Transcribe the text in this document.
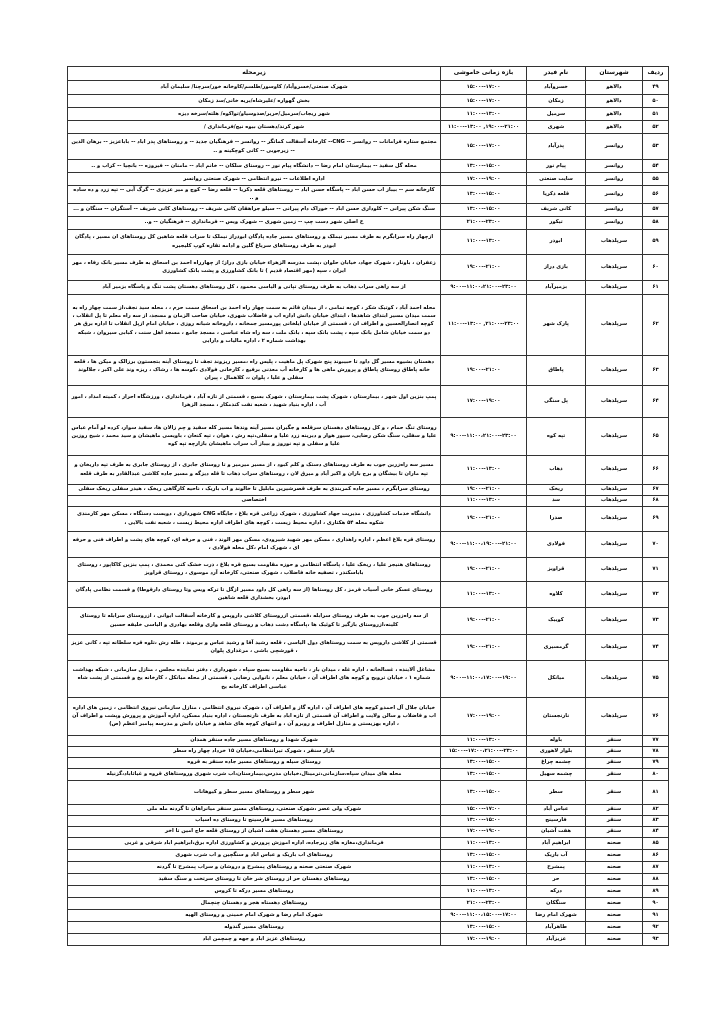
ردیف	شهرستان	نام فیدر	بازه زمانی خاموشی	زیرمحله
۴۹	دالاهو	خسروآباد	۱۵:۰۰--۱۷:۰۰	شهرک صنعتی/خسروآباد/ کاوسور/طلسم/کاوخانه خور/سرچنا/ سلیمان آباد
۵۰	دالاهو	زمکان	۱۵:۰۰--۱۷:۰۰	بخش گهواره /علیرشاه/بریه خانی/سد زمکان
۵۱	دالاهو	سرمیل	۱۱:۰۰--۱۳:۰۰	شهر ریجاب/سرمیل/حریر/صدوسیاو/تواکوه/ هلته/سرخه دیزه
۵۲	دالاهو	شهری	۱۱:۰۰--۱۳:۰۰ ,۱۹:۰۰--۲۱:۰۰	شهر کرند/دهستان بیوه نیج/فرمانداری /
۵۳	روانسر	پدرآباد	۱۵:۰۰--۱۷:۰۰	مجتمع ستاره فرامانات -- روانسر -- CNG-- کارخانه آسفالت کماتگر -- روانسر -- فرهنگیان جدید -- و روستاهای پدر اباد -- باباعزیز -- برهان الدین -- زیرجوبی -- کانی کوچکینه و ..
۵۴	روانسر	پیام نور	۱۳:۰۰--۱۵:۰۰	محله گل سفید -- بیمارستان امام رضا -- دانشگاه پیام نور -- روستای سلکان -- خانم اباد -- مامنان -- فیروزه -- بانچیا -- کراب و ..
۵۵	روانسر	سایت صنعتی	۱۷:۰۰--۱۹:۰۰	اداره اطلاعات -- نیرو انتظامی -- شهرک صنعتی روانسر
۵۶	روانسر	قلعه ذکریا	۱۳:۰۰--۱۵:۰۰	کارخانه سم -- بیباز اب حسن اباد -- پاسگاه حسن اباد -- روستاهای قلعه ذکریا -- قلعه رضا -- کوچ و میر عزیزی -- گرگ آبی -- تپه زرد و ده ساده و ..
۵۷	روانسر	کانی شریف	۱۳:۰۰--۱۵:۰۰	سنگ شکن پیرانی -- کلوداری حسن اباد -- خوراک دام پیرانی -- سیلو جراهقان کانی شریف -- روستاهای کانی شریف -- آستگران -- سنگان و ...
۵۸	روانسر	تیکور	۲۱:۰۰--۲۳:۰۰	خ اصلی شهر دست چپ -- زمین شهری -- شهرک ویس -- فرمانداری -- فرهنگیان -- و..
۵۹	سرپلذهاب	ابوذر	۱۱:۰۰--۱۳:۰۰	ازچهار راه سرابگرم به طرف مسیر نیملک و روستاهای مسیر جاده پادگان ابوذراز نیملک تا سراب قلعه شاهین کل روستاهای ان مسیر ، پادگان ابوذر به طرف روستاهای سرباغ گلین و ادامه تقاره کوپ کلیجیره
۶۰	سرپلذهاب	بازی دراز	۱۹:۰۰--۲۱:۰۰	زعفران ، باونار ، شهرک جهاد، خیابان حلوان ،پشت مدرسه الزهراء خیابان بازی دراز؛ از چهارراه احمد بن اسحاق به طرف مسیر بانک رفاه ، مهر ایران ، سپه (مهر اقتصاد قدیم ) تا بانک کشاورزی و پشت بانک کشاورزی
۶۱	سرپلذهاب	بزمیرآباد	۹:۰۰--۱۱:۰۰،۲۱:۰۰--۲۳:۰۰	از سه راهی سراب ذهاب به طرف روستای تپانی و الیاسی محمود ، کل روستاهای دهستان پشت تنگ و پاسگاه بزمیر آباد
۶۲	سرپلذهاب	پارک شهر	۱۱:۰۰--۱۳:۰۰ ,۲۱:۰۰--۲۳:۰۰	محله احمد آباد ، کوتیک شکر ، کوچه تمامی ، از میدان قائم به سمت چهار راه احمد بن اسحاق سمت حرم ، ، محله سید نجف،از سمت چهار راه به سمت میدان مسیر ابتدای شاهدها ، ابتدای خیابان دانش اداره اب و فاضلاب شهری، خیابان صاحب الزمان و مسجد، از سه راه معلم تا پل انقلاب ، کوچه انصارالحسین و اطراف ان ، قسمتی از خیابان ایلخانی پورمسیر جمخانه ، داروخانه شبانه روزی ، خیابان امام ازپل انقلاب تا اداره برق هر دو سمت خیابان شامل بانک سپه ، پشت بانک سپه ، بانک ملت ، سه راه شاه عباسی ، مسجد جامع ، مسجد اهل سنت ، کبابی سیروان ، شبکه بهداشت شماره ۲ ، اداره مالیات و دارایی
۶۳	سرپلذهاب	پاطاق	۱۹:۰۰--۲۱:۰۰	دهستان بشیوه مسیر گل داود تا حبیبوند پنج شهرک پل ماهیت ، پلیس راه ،مسیر ریزوند تجف تا روستای آینه بتجستون برزالک و میکن ها ، قلعه خانه پاطاق روستای پاطاق و پرورش ماهی ها و کارخانه آب معدنی برفیع ، کارخانی فولادی ،کوسه ها ، رشاک ، ریزه وند علی اکبر ، جلالوند سفلی و علیا ، پلوان ،، کلاهمال ، پیران
۶۴	سرپلذهاب	پل سنگی	۱۷:۰۰--۱۹:۰۰	پمپ بنزین اول شهر ، بیمارستان ، شهرک پشت بیمارستان ، شهرک بسیج ، قسمتی از تازه آباد ، فرمانداری ، ورزشگاه احرار ، کمیته امداد ، امور آب ، اداره بنیاد شهید ، شعبه نفت کندمکار ، مسجد الزهرا
۶۵	سرپلذهاب	تپه کوه	۹:۰۰--۱۱:۰۰،۲۱:۰۰--۲۳:۰۰	روستای تنگ حمام ، و کل روستاهای دهستان سرقلعه و جگیران مسیر آینه وندها مسیر کله سفید و چم زالان ها، سفید سوار، کرده لو آمام عباس علیا و سفلی، سنگ شکن رضایی، سیور هوار و دیرینه زرد علیا و سفلی،تپه رش ، هوان ، تپه کنعان ، باویسی ماهیشان و سید محمد ، شیخ روزین علیا و سفلی و تپه نوروز و بیباز آب سراب ماهیشان بازارچه تپه کوه
۶۶	سرپلذهاب	ذهاب	۱۱:۰۰--۱۳:۰۰	مسیر سه راه‌زرین جوب به طرف روستاهای دستک و کلم کبود ، از مسیر میرمیر و تا روستای جابری ، از روستای جابری به طرف تپه داریخان و تپه ماران تا بیشگان و برج باران و اکبر آباد و میرق لان ، روستاهای سراب ذهاب تا قله دیزگه و مسیر جاده کلاشی عبدالقادر به طرف قلعه
۶۷	سرپلذهاب	ریخک	۱۹:۰۰--۲۱:۰۰	روستای سرابگرم ، مسیر جاده کمربندی به طرف قصرشیرین مابلیل تا خالوند و اب باریک ، ناحیه کارگاهی ریخک ، هیدر سفلی ریخک سفلی
۶۸	سرپلذهاب	سد	۱۱:۰۰--۱۳:۰۰	اختصاصی
۶۹	سرپلذهاب	صدرا	۱۹:۰۰--۲۱:۰۰	دانشگاه خدمات کشاورزی ، مدیریت جهاد کشاورزی ، شهرک زراعی قره بلاغ ، جایگاه CNG شهرداری ، دویست دستگاه ، مسکن مهر کارمندی شکوه محله ۵۴ هکتاری ، اداره محیط زیست ، کوچه های اطراف اداره محیط زیست ، شعبه نفت بالایی ،
۷۰	سرپلذهاب	فولادی	۹:۰۰--۱۱:۰۰،۱۹:۰۰--۲۱:۰۰	روستای قره بلاغ اعظم ، اداره راهداری ، مسکن مهر شهید شیرودی، مسکن مهر الوند ، فنی و حرفه ای، کوچه های پشت و اطراف فنی و حرفه ای ، شهرک امام ،کل محله فولادی ،
۷۱	سرپلذهاب	قراویز	۱۹:۰۰--۲۱:۰۰	روستاهای هنیجر علیا ، ریخک علیا ، پاسگاه انتظامی و حوزه مقاومت بسیج قره بلاغ ، ذرت خشک کنی محمدی ، پمپ بنزین کاکاپور ، روستای باباسکندر ، تصفیه خانه فاضلاب ، شهرک صنعتی، کارخانه آرد موسوی ، روستای قراویز
۷۲	سرپلذهاب	کلاوه	۱۱:۰۰--۱۳:۰۰	روستای عسکر خانی آسیاب قرمز ، کل روستاها (از سه راهی کل داود مسیر ازگل تا ترکه ویس وتا روستای دارقوطا) و قسمت نظامی پادگان ابوذر، بخشداری قلعه شاهین
۷۳	سرپلذهاب	کوییک	۱۹:۰۰--۲۱:۰۰	از سه راه‌زرین جوب به طرف روستای سرابله ،قسمتی ازروستای کلاشی داروپس و کارخانه آسفالت ایوانی ، ازروستای سرابله تا روستای کلینه،ازروستای بازگیر تا کوئیک ها ،پاسگاه دشت ذهاب و روستای قلعه واری وقلعه بهادری و الیاسی خلیفه حسین
۷۴	سرپلذهاب	گرمسیری	۱۹:۰۰--۲۱:۰۰	قسمتی از کلاشی داروپس به سمت روستاهای دول الیاسی ، قلعه رشید آقا و رشید عباس و برموند ، طله رش ،تلوه قره سلطانه تپه ، کانی عزیز ، قورشچی باشی ، مرغداری پلوان
۷۵	سرپلذهاب	میانکل	۹:۰۰--۱۱:۰۰،۱۷:۰۰--۱۹:۰۰	مشاغل آلاینده ، غسالخانه ، اداره غله ، میدان بار ، ناحیه مقاومت بسیج سپاه ، شهرداری ، دفتر نماینده مجلس ، منازل سازمانی ، شبکه بهداشت شماره ۱ ، خیابان ترویج و کوچه های اطراف آن ، خیابان معلم ، نانوایی رضایی ، قسمتی از محله میانکل ، کارخانه یخ و قسمتی از پشت شاه عباسی اطراف کارخانه یخ
۷۶	سرپلذهاب	نارنجستان	۱۷:۰۰--۱۹:۰۰	خیابان جلال آل احمدو کوچه های اطراف آن ، اداره گاز و اطراف آن ، شهرک نیروی انتظامی ، منازل سازمانی نیروی انتظامی ، زمین های اداره اب و فاضلاب و سالن ولایت و اطراف آن قسمتی از تازه اباد به طرف نارنجستان ، اداره بنیاد مسکن، اداره آموزش و پرورش وپشت و اطراف آن ، اداره بهزیستی و منازل اطراف و روبرو آن ، و انتهای کوچه های شاهد و خیابان دانش و مدرسه پیامبر اعظم (ص)
۷۷	سنقر	باوله	۱۱:۰۰--۱۳:۰۰	شهرک شهدا و روستاهای مسیر جاده سنقر همدان
۷۸	سنقر	بلوار لاهوری	۱۵:۰۰--۱۷:۰۰،۲۱:۰۰--۲۳:۰۰	بازار سنقر ، شهرک تیرانتظامی،خیابان ۱۵ خرداد چهار راه سطر
۷۹	سنقر	چشمه چراغ	۱۳:۰۰--۱۵:۰۰	روستای سیله و روستاهای مسیر جاده سنقر به قروه
۸۰	سنقر	چشمه سهیل	۱۳:۰۰--۱۵:۰۰	محله های میدان سپاه،سازمانی،ترمینال،خیابان مدرس،بیمارستان،اب شرب شهری وروستاهای قروه و غیاثاباد،گزنیله
۸۱	سنقر	سطر	۱۳:۰۰--۱۵:۰۰	شهر سطر و روستاهای مسیر سطر و کیوهانات
۸۲	سنقر	عباس آباد	۱۵:۰۰--۱۷:۰۰	شهرک ولی عصر ،شهرک صنعتی، روستاهای مسیر سنقر میانراهان تا گردنه مله ملی
۸۳	سنقر	فارسینج	۱۳:۰۰--۱۵:۰۰	روستاهای مسیر فارسینج تا روستای ده اسیاب
۸۴	سنقر	هفت آشیان	۱۷:۰۰--۱۹:۰۰	روستاهای مسیر دهستان هفت اشیان از روستای قلعه حاج امین تا اخر
۸۵	صحنه	ابراهیم آباد	۱۱:۰۰--۱۳:۰۰	فرمانداری،مغازه های زیرجاده، اداره اموزش پرورش و کشاورزی اداره برق،ابراهیم اباد شرقی و غربی
۸۶	صحنه	آب باریک	۱۳:۰۰--۱۵:۰۰	روستاهای اب باریک و عباس اباد و سنگچین و اب شرب شهری
۸۷	صحنه	پمشرخ	۱۱:۰۰--۱۳:۰۰	شهرک صنعتی صحنه و روستاهای پمشرخ و دروشان و سراب پمشرخ تا گردنه
۸۸	صحنه	حر	۱۳:۰۰--۱۵:۰۰	روستاهای دهستان حر از روستای شر خان تا روستای سرتخت و سنگ سفید
۸۹	صحنه	درکه	۱۱:۰۰--۱۳:۰۰	روستاهای مسیر درکه تا کروس
۹۰	صحنه	سنگکان	۲۱:۰۰--۲۳:۰۰	روستاهای دهستاه هجر و دهستان چنچمال
۹۱	صحنه	شهرک امام رضا	۹:۰۰--۱۱:۰۰،۱۵:۰۰--۱۷:۰۰	شهرک امام رضا و شهرک امام خمینی و روستای الهیه
۹۲	صحنه	طاهرآباد	۱۳:۰۰--۱۵:۰۰	روستاهای مسیر گندوله
۹۳	صحنه	عزیزآباد	۱۷:۰۰--۱۹:۰۰	روستاهای عزیز اباد و جهه و چمچمن اباد
